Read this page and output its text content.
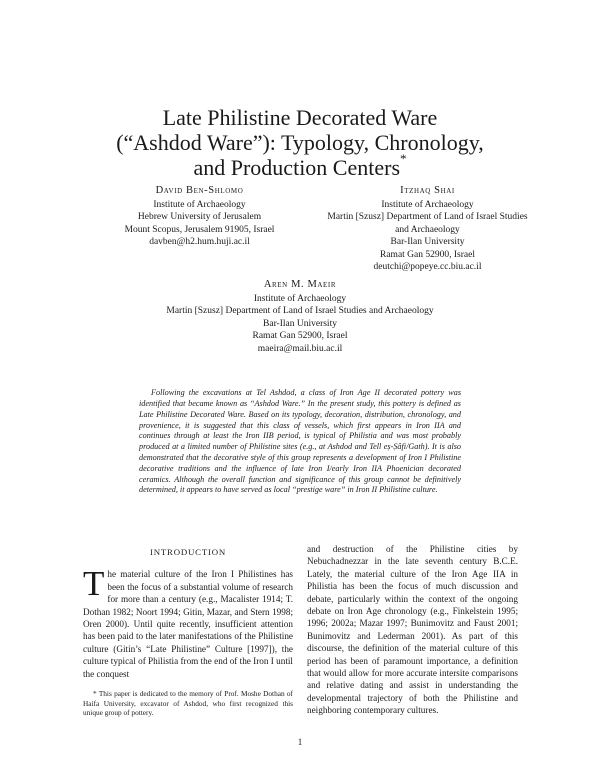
Late Philistine Decorated Ware
(“Ashdod Ware”): Typology, Chronology,
and Production Centers*
David Ben-Shlomo
Institute of Archaeology
Hebrew University of Jerusalem
Mount Scopus, Jerusalem 91905, Israel
davben@h2.hum.huji.ac.il
Itzhaq Shai
Institute of Archaeology
Martin [Szusz] Department of Land of Israel Studies
and Archaeology
Bar-Ilan University
Ramat Gan 52900, Israel
deutchi@popeye.cc.biu.ac.il
Aren M. Maeir
Institute of Archaeology
Martin [Szusz] Department of Land of Israel Studies and Archaeology
Bar-Ilan University
Ramat Gan 52900, Israel
maeira@mail.biu.ac.il

Following the excavations at Tel Ashdod, a class of Iron Age II decorated pottery was identified that became known as “Ashdod Ware.” In the present study, this pottery is defined as Late Philistine Decorated Ware. Based on its typology, decoration, distribution, chronology, and provenience, it is suggested that this class of vessels, which first appears in Iron IIA and continues through at least the Iron IIB period, is typical of Philistia and was most probably produced at a limited number of Philistine sites (e.g., at Ashdod and Tell eṣ-Ṣâfi/Gath). It is also demonstrated that the decorative style of this group represents a development of Iron I Philistine decorative traditions and the influence of late Iron I/early Iron IIA Phoenician decorated ceramics. Although the overall function and significance of this group cannot be definitively determined, it appears to have served as local “prestige ware” in Iron II Philistine culture.

INTRODUCTION

The material culture of the Iron I Philistines has been the focus of a substantial volume of research for more than a century (e.g., Macalister 1914; T. Dothan 1982; Noort 1994; Gitin, Mazar, and Stern 1998; Oren 2000). Until quite recently, insufficient attention has been paid to the later manifestations of the Philistine culture (Gitin’s “Late Philistine” Culture [1997]), the culture typical of Philistia from the end of the Iron I until the conquest

* This paper is dedicated to the memory of Prof. Moshe Dothan of Haifa University, excavator of Ashdod, who first recognized this unique group of pottery.

and destruction of the Philistine cities by Nebuchadnezzar in the late seventh century B.C.E. Lately, the material culture of the Iron Age IIA in Philistia has been the focus of much discussion and debate, particularly within the context of the ongoing debate on Iron Age chronology (e.g., Finkelstein 1995; 1996; 2002a; Mazar 1997; Bunimovitz and Faust 2001; Bunimovitz and Lederman 2001). As part of this discourse, the definition of the material culture of this period has been of paramount importance, a definition that would allow for more accurate intersite comparisons and relative dating and assist in understanding the developmental trajectory of both the Philistine and neighboring contemporary cultures.

1
